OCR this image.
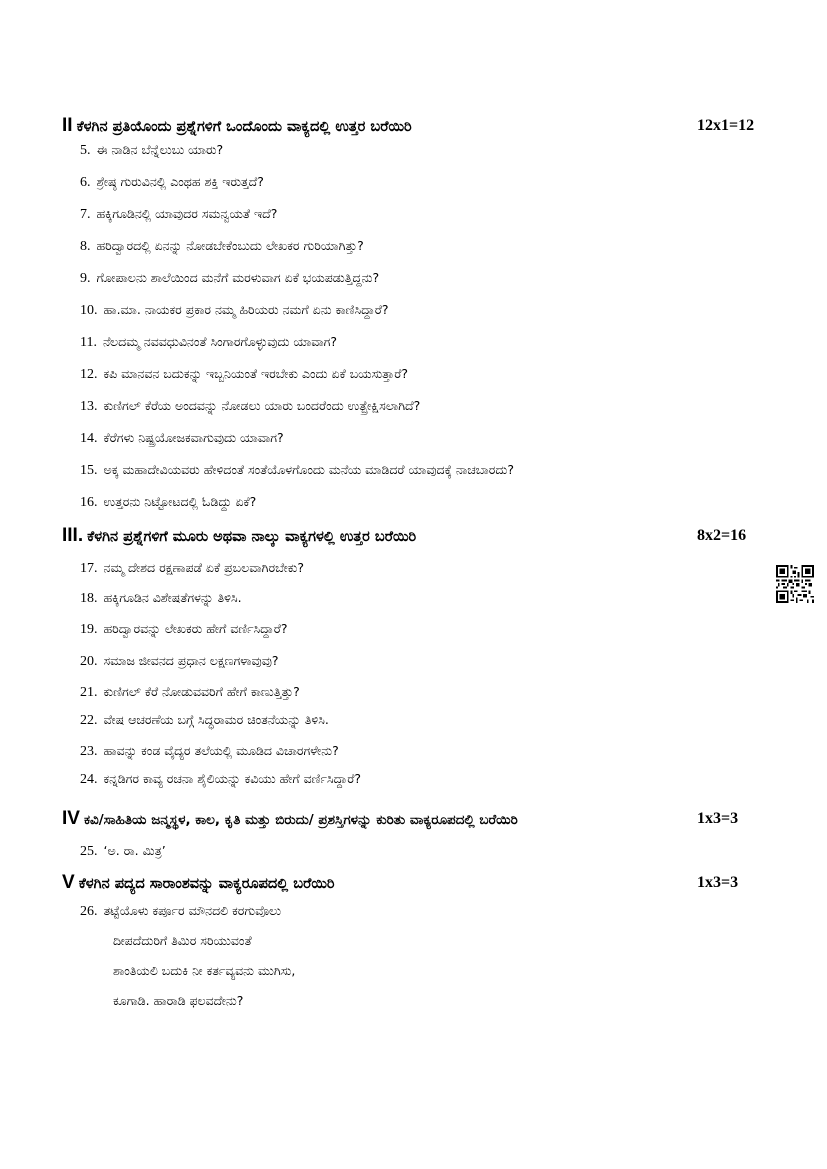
II ಕೆಳಗಿನ ಪ್ರತಿಯೊಂದು ಪ್ರಶ್ನೆಗಳಿಗೆ ಒಂದೊಂದು ವಾಕ್ಯದಲ್ಲಿ ಉತ್ತರ ಬರೆಯಿರಿ	12x1=12
5. ಈ ನಾಡಿನ ಬೆನ್ನೆಲುಬು ಯಾರು?
6. ಶ್ರೇಷ್ಠ ಗುರುವಿನಲ್ಲಿ ಎಂಥಹ ಶಕ್ತಿ ಇರುತ್ತದೆ?
7. ಹಕ್ಕಿಗೂಡಿನಲ್ಲಿ ಯಾವುದರ ಸಮನ್ವಯತೆ ಇದೆ?
8. ಹರಿದ್ವಾರದಲ್ಲಿ ಏನನ್ನು ನೋಡಬೇಕೆಂಬುದು ಲೇಖಕರ ಗುರಿಯಾಗಿತ್ತು?
9. ಗೋಪಾಲನು ಶಾಲೆಯಿಂದ ಮನೆಗೆ ಮರಳುವಾಗ ಏಕೆ ಭಯಪಡುತ್ತಿದ್ದನು?
10. ಹಾ.ಮಾ. ನಾಯಕರ ಪ್ರಕಾರ ನಮ್ಮ ಹಿರಿಯರು ನಮಗೆ ಏನು ಕಾಣಿಸಿದ್ದಾರೆ?
11. ನೆಲದಮ್ಮ ನವವಧುವಿನಂತೆ ಸಿಂಗಾರಗೊಳ್ಳುವುದು ಯಾವಾಗ?
12. ಕಪಿ ಮಾನವನ ಬದುಕನ್ನು ಇಬ್ಬನಿಯಂತೆ ಇರಬೇಕು ಎಂದು ಏಕೆ ಬಯಸುತ್ತಾರೆ?
13. ಕುಣಿಗಲ್ ಕೆರೆಯ ಅಂದವನ್ನು ನೋಡಲು ಯಾರು ಬಂದರೆಂದು ಉತ್ಪ್ರೇಕ್ಷಿಸಲಾಗಿದೆ?
14. ಕೆರೆಗಳು ನಿಷ್ಪ್ರಯೋಜಕವಾಗುವುದು ಯಾವಾಗ?
15. ಅಕ್ಕ ಮಹಾದೇವಿಯವರು ಹೇಳಿದಂತೆ ಸಂತೆಯೊಳಗೊಂದು ಮನೆಯ ಮಾಡಿದರೆ ಯಾವುದಕ್ಕೆ ನಾಚಬಾರದು?
16. ಉತ್ತರನು ನಿಟ್ಟೋಟದಲ್ಲಿ ಓಡಿದ್ದು ಏಕೆ?
III. ಕೆಳಗಿನ ಪ್ರಶ್ನೆಗಳಿಗೆ ಮೂರು ಅಥವಾ ನಾಲ್ಕು ವಾಕ್ಯಗಳಲ್ಲಿ ಉತ್ತರ ಬರೆಯಿರಿ	8x2=16
17. ನಮ್ಮ ದೇಶದ ರಕ್ಷಣಾಪಡೆ ಏಕೆ ಪ್ರಬಲವಾಗಿರಬೇಕು?
18. ಹಕ್ಕಿಗೂಡಿನ ವಿಶೇಷತೆಗಳನ್ನು ತಿಳಿಸಿ.
19. ಹರಿದ್ವಾರವನ್ನು ಲೇಖಕರು ಹೇಗೆ ವರ್ಣಿಸಿದ್ದಾರೆ?
20. ಸಮಾಜ ಜೀವನದ ಪ್ರಧಾನ ಲಕ್ಷಣಗಳಾವುವು?
21. ಕುಣಿಗಲ್ ಕೆರೆ ನೋಡುವವರಿಗೆ ಹೇಗೆ ಕಾಣುತ್ತಿತ್ತು?
22. ವೇಷ ಆಚರಣೆಯ ಬಗ್ಗೆ ಸಿದ್ಧರಾಮರ ಚಿಂತನೆಯನ್ನು ತಿಳಿಸಿ.
23. ಹಾವನ್ನು ಕಂಡ ವೈದ್ಯರ ತಲೆಯಲ್ಲಿ ಮೂಡಿದ ವಿಚಾರಗಳೇನು?
24. ಕನ್ನಡಿಗರ ಕಾವ್ಯ ರಚನಾ ಶೈಲಿಯನ್ನು ಕವಿಯು ಹೇಗೆ ವರ್ಣಿಸಿದ್ದಾರೆ?
IV ಕವಿ/ಸಾಹಿತಿಯ ಜನ್ಮಸ್ಥಳ, ಕಾಲ, ಕೃತಿ ಮತ್ತು ಬಿರುದು/ ಪ್ರಶಸ್ತಿಗಳನ್ನು ಕುರಿತು ವಾಕ್ಯರೂಪದಲ್ಲಿ ಬರೆಯಿರಿ	1x3=3
25. ‘ಅ. ರಾ. ಮಿತ್ರ’
V ಕೆಳಗಿನ ಪದ್ಯದ ಸಾರಾಂಶವನ್ನು ವಾಕ್ಯರೂಪದಲ್ಲಿ ಬರೆಯಿರಿ	1x3=3
26. ತಟ್ಟೆಯೊಳು ಕರ್ಪೂರ ಮೌನದಲಿ ಕರಗುವೊಲು
ದೀಪದೆದುರಿಗೆ ತಿಮಿರ ಸರಿಯುವಂತೆ
ಶಾಂತಿಯಲಿ ಬದುಕಿ ನೀ ಕರ್ತವ್ಯವನು ಮುಗಿಸು,
ಕೂಗಾಡಿ. ಹಾರಾಡಿ ಫಲವದೇನು?
